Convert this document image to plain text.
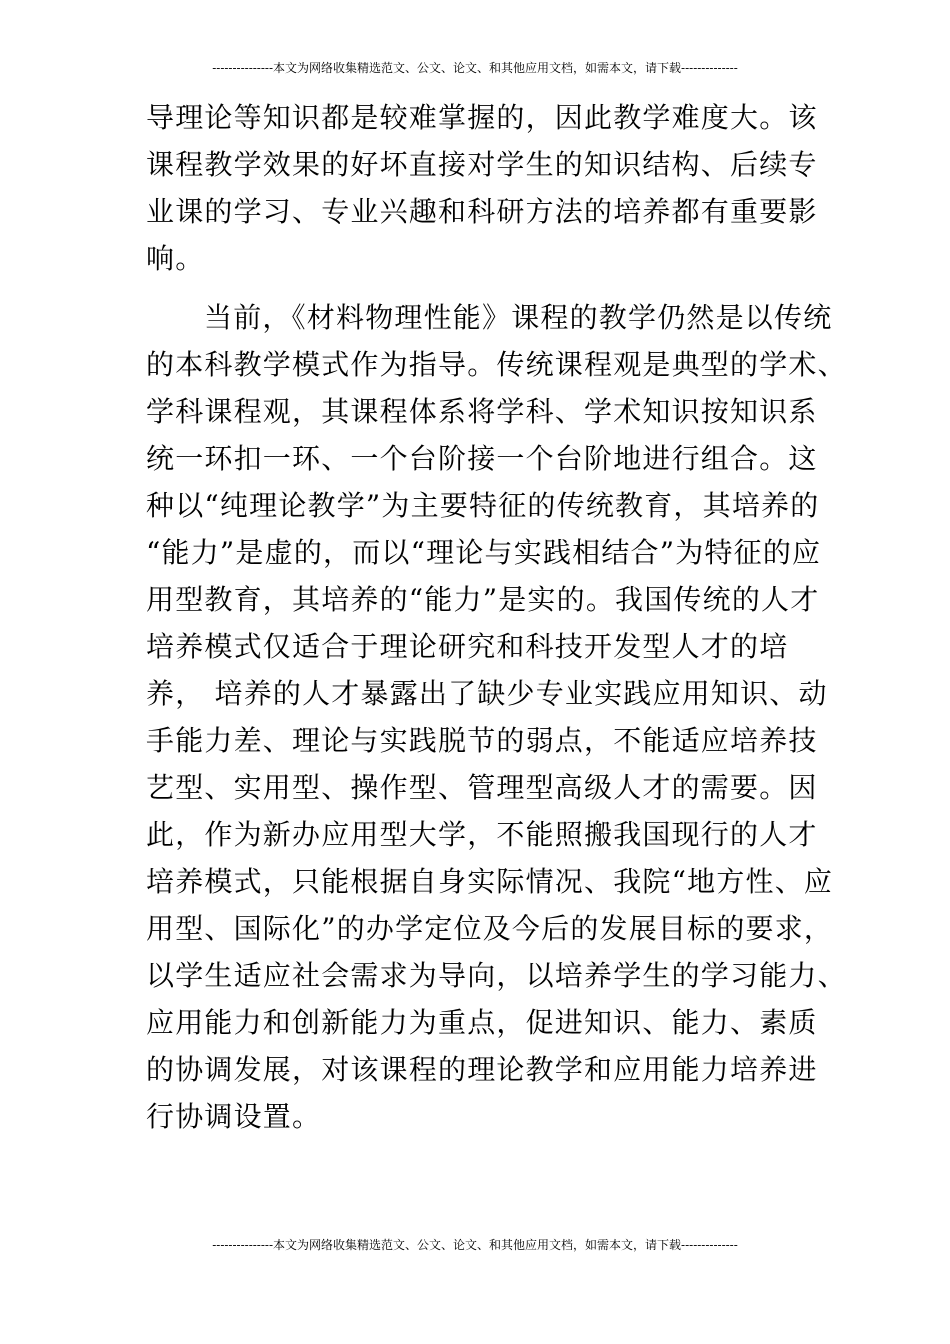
---------------本文为网络收集精选范文、公文、论文、和其他应用文档，如需本文，请下载--------------
导理论等知识都是较难掌握的，因此教学难度大。该
课程教学效果的好坏直接对学生的知识结构、后续专
业课的学习、专业兴趣和科研方法的培养都有重要影
响。
当前，《材料物理性能》课程的教学仍然是以传统
的本科教学模式作为指导。传统课程观是典型的学术、
学科课程观，其课程体系将学科、学术知识按知识系
统一环扣一环、一个台阶接一个台阶地进行组合。这
种以“纯理论教学”为主要特征的传统教育，其培养的
“能力”是虚的，而以“理论与实践相结合”为特征的应
用型教育，其培养的“能力”是实的。我国传统的人才
培养模式仅适合于理论研究和科技开发型人才的培
养， 培养的人才暴露出了缺少专业实践应用知识、动
手能力差、理论与实践脱节的弱点，不能适应培养技
艺型、实用型、操作型、管理型高级人才的需要。因
此，作为新办应用型大学，不能照搬我国现行的人才
培养模式，只能根据自身实际情况、我院“地方性、应
用型、国际化”的办学定位及今后的发展目标的要求，
以学生适应社会需求为导向，以培养学生的学习能力、
应用能力和创新能力为重点，促进知识、能力、素质
的协调发展，对该课程的理论教学和应用能力培养进
行协调设置。
---------------本文为网络收集精选范文、公文、论文、和其他应用文档，如需本文，请下载--------------
